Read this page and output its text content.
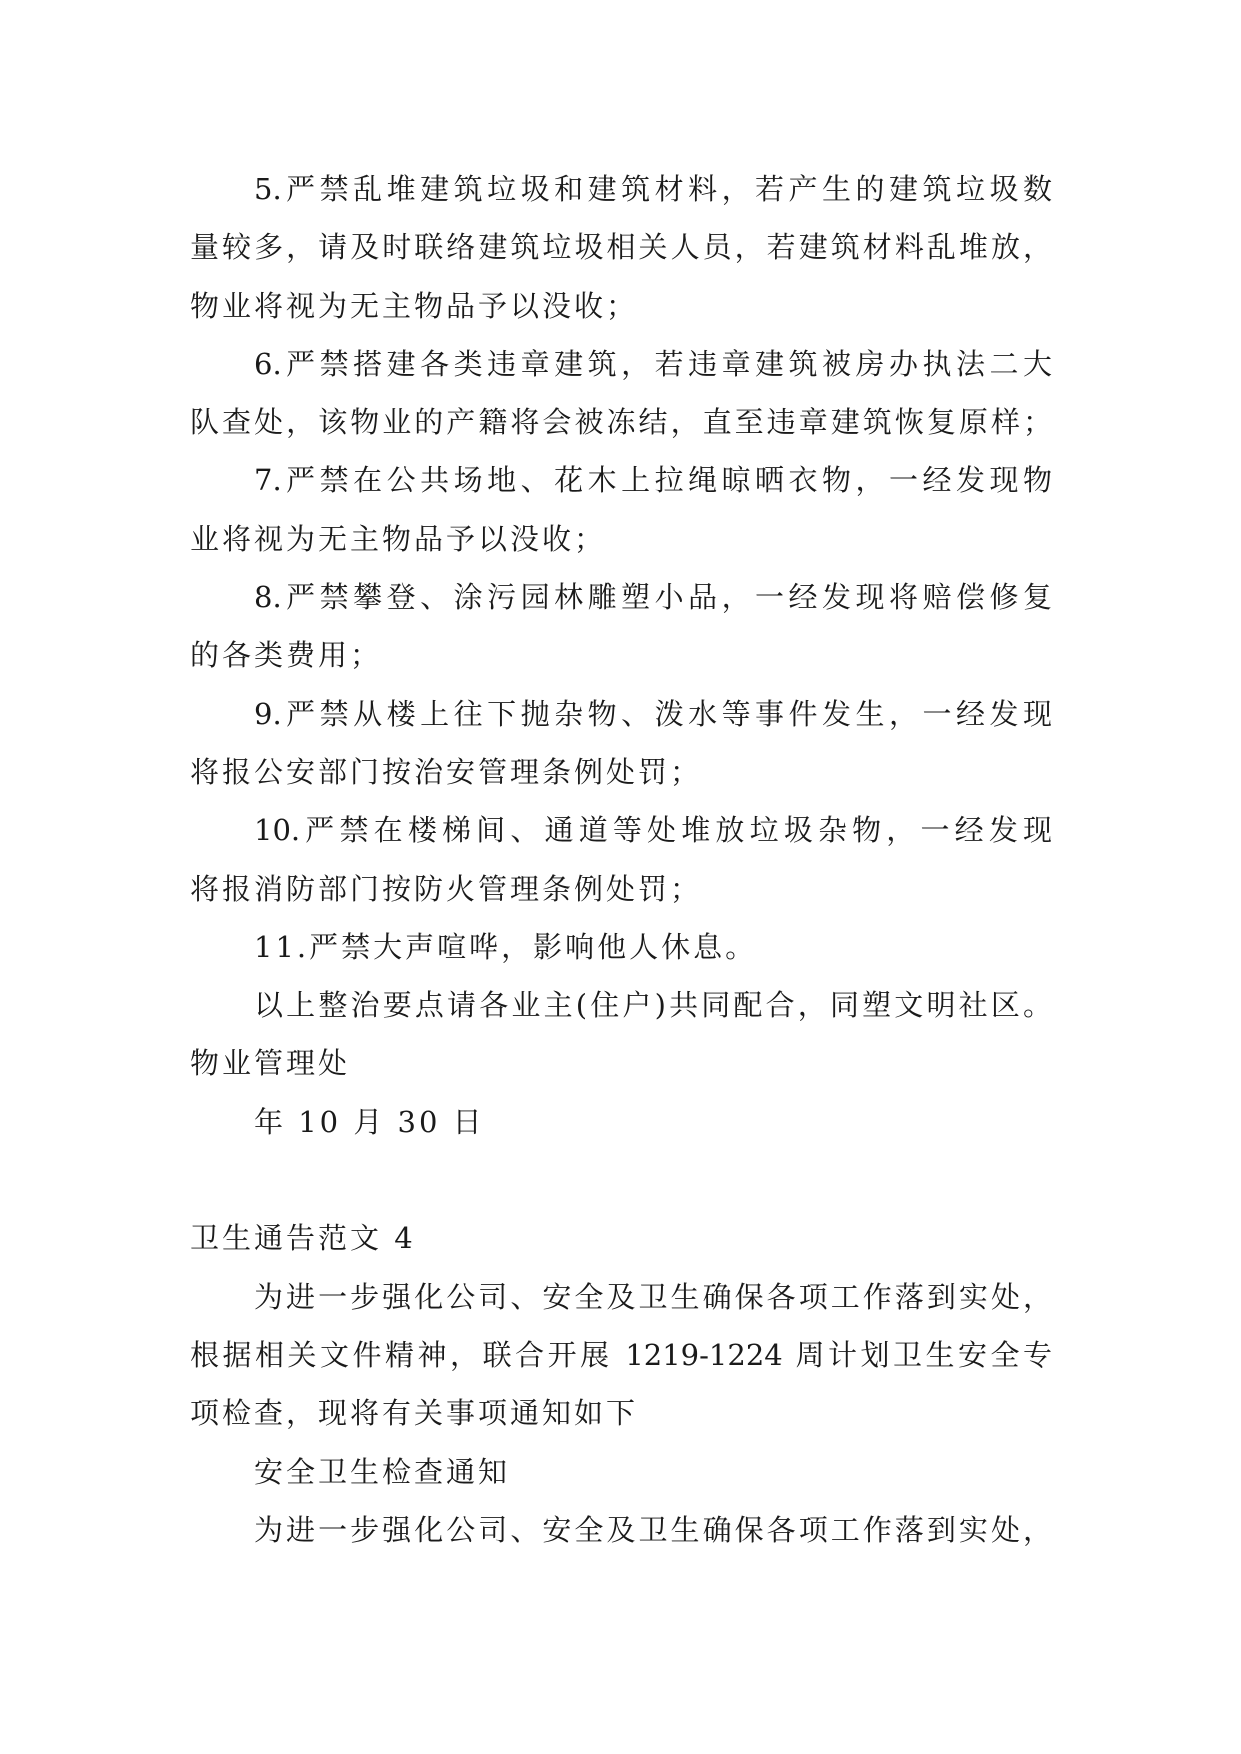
5.严禁乱堆建筑垃圾和建筑材料，若产生的建筑垃圾数
量较多，请及时联络建筑垃圾相关人员，若建筑材料乱堆放，
物业将视为无主物品予以没收；
6.严禁搭建各类违章建筑，若违章建筑被房办执法二大
队查处，该物业的产籍将会被冻结，直至违章建筑恢复原样；
7.严禁在公共场地、花木上拉绳晾晒衣物，一经发现物
业将视为无主物品予以没收；
8.严禁攀登、涂污园林雕塑小品，一经发现将赔偿修复
的各类费用；
9.严禁从楼上往下抛杂物、泼水等事件发生，一经发现
将报公安部门按治安管理条例处罚；
10.严禁在楼梯间、通道等处堆放垃圾杂物，一经发现
将报消防部门按防火管理条例处罚；
11.严禁大声喧哗，影响他人休息。
以上整治要点请各业主(住户)共同配合，同塑文明社区。
物业管理处
年 10 月 30 日
卫生通告范文 4
为进一步强化公司、安全及卫生确保各项工作落到实处，
根据相关文件精神，联合开展 1219-1224 周计划卫生安全专
项检查，现将有关事项通知如下
安全卫生检查通知
为进一步强化公司、安全及卫生确保各项工作落到实处，
